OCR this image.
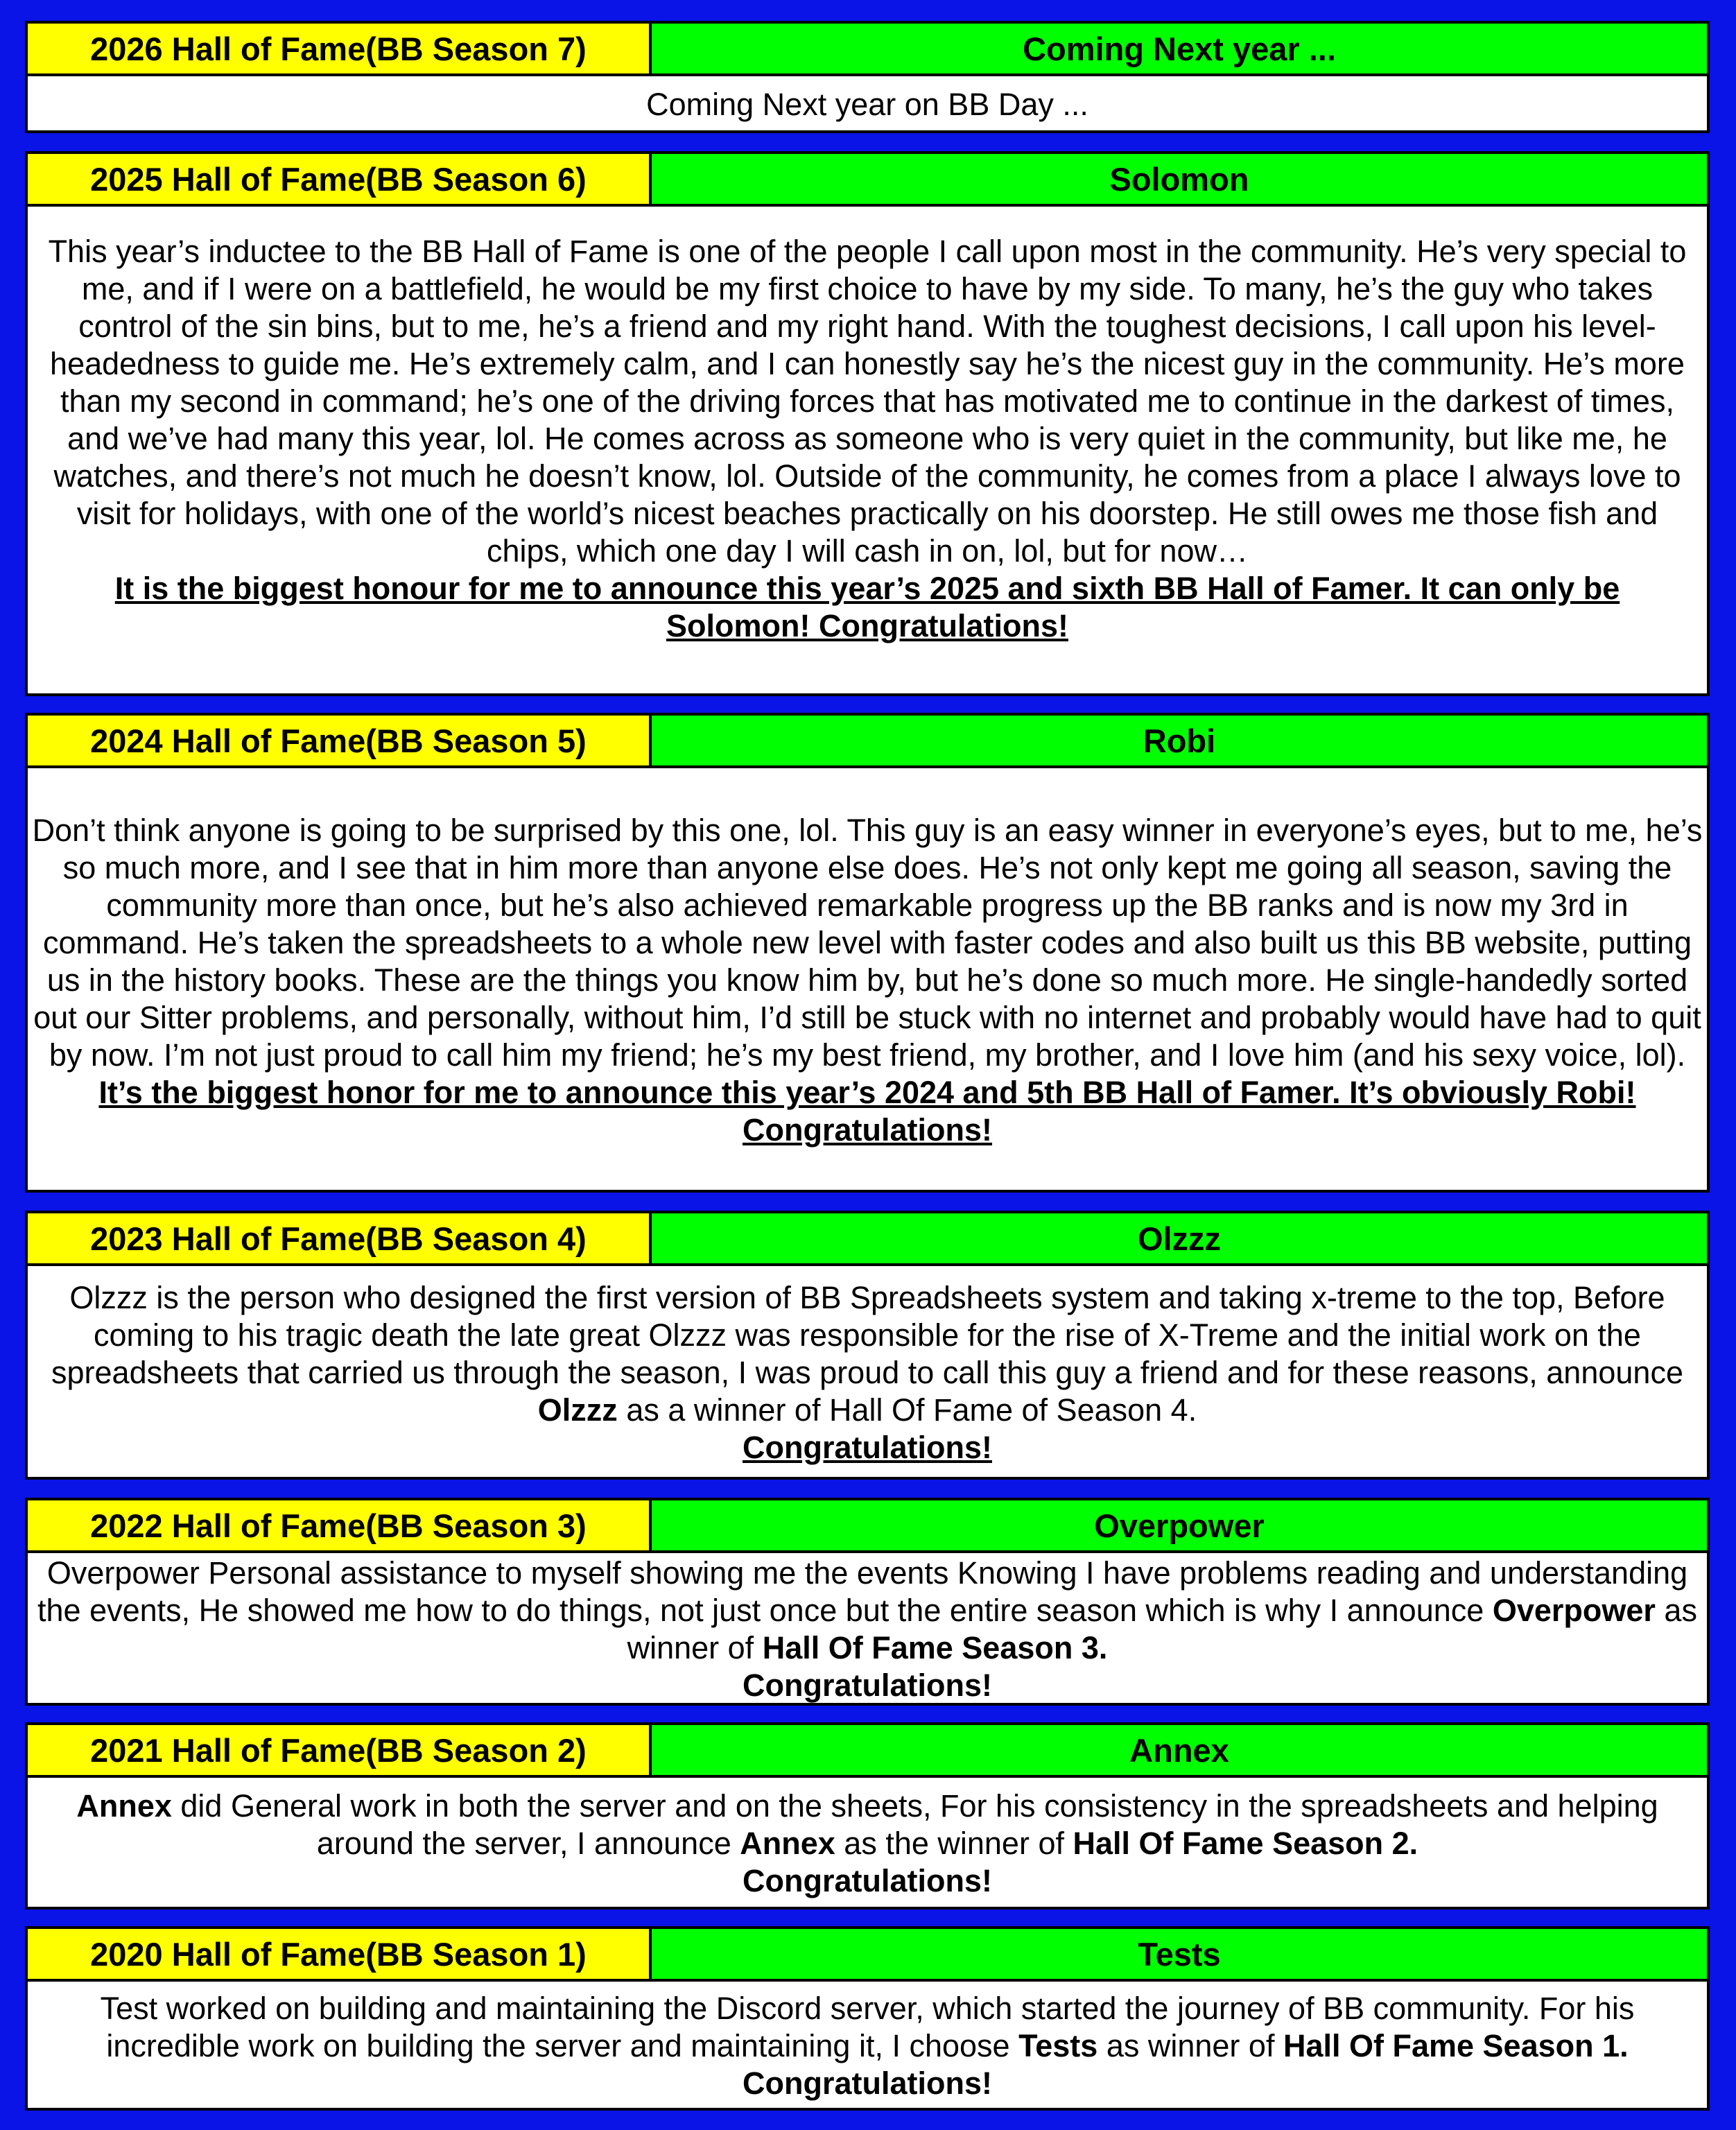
2026 Hall of Fame(BB Season 7)	Coming Next year ...

Coming Next year on BB Day ...

2025 Hall of Fame(BB Season 6)	Solomon

This year’s inductee to the BB Hall of Fame is one of the people I call upon most in the community. He’s very special to me, and if I were on a battlefield, he would be my first choice to have by my side. To many, he’s the guy who takes control of the sin bins, but to me, he’s a friend and my right hand. With the toughest decisions, I call upon his level-headedness to guide me. He’s extremely calm, and I can honestly say he’s the nicest guy in the community. He’s more than my second in command; he’s one of the driving forces that has motivated me to continue in the darkest of times, and we’ve had many this year, lol. He comes across as someone who is very quiet in the community, but like me, he watches, and there’s not much he doesn’t know, lol. Outside of the community, he comes from a place I always love to visit for holidays, with one of the world’s nicest beaches practically on his doorstep. He still owes me those fish and chips, which one day I will cash in on, lol, but for now…

It is the biggest honour for me to announce this year’s 2025 and sixth BB Hall of Famer. It can only be Solomon! Congratulations!

2024 Hall of Fame(BB Season 5)	Robi

Don’t think anyone is going to be surprised by this one, lol. This guy is an easy winner in everyone’s eyes, but to me, he’s so much more, and I see that in him more than anyone else does. He’s not only kept me going all season, saving the community more than once, but he’s also achieved remarkable progress up the BB ranks and is now my 3rd in command. He’s taken the spreadsheets to a whole new level with faster codes and also built us this BB website, putting us in the history books. These are the things you know him by, but he’s done so much more. He single-handedly sorted out our Sitter problems, and personally, without him, I’d still be stuck with no internet and probably would have had to quit by now. I’m not just proud to call him my friend; he’s my best friend, my brother, and I love him (and his sexy voice, lol).

It’s the biggest honor for me to announce this year’s 2024 and 5th BB Hall of Famer. It’s obviously Robi! Congratulations!

2023 Hall of Fame(BB Season 4)	Olzzz

Olzzz is the person who designed the first version of BB Spreadsheets system and taking x-treme to the top, Before coming to his tragic death the late great Olzzz was responsible for the rise of X-Treme and the initial work on the spreadsheets that carried us through the season, I was proud to call this guy a friend and for these reasons, announce Olzzz as a winner of Hall Of Fame of Season 4.

Congratulations!

2022 Hall of Fame(BB Season 3)	Overpower

Overpower Personal assistance to myself showing me the events Knowing I have problems reading and understanding the events, He showed me how to do things, not just once but the entire season which is why I announce Overpower as winner of Hall Of Fame Season 3.

Congratulations!

2021 Hall of Fame(BB Season 2)	Annex

Annex did General work in both the server and on the sheets, For his consistency in the spreadsheets and helping around the server, I announce Annex as the winner of Hall Of Fame Season 2.

Congratulations!

2020 Hall of Fame(BB Season 1)	Tests

Test worked on building and maintaining the Discord server, which started the journey of BB community. For his incredible work on building the server and maintaining it, I choose Tests as winner of Hall Of Fame Season 1.

Congratulations!
